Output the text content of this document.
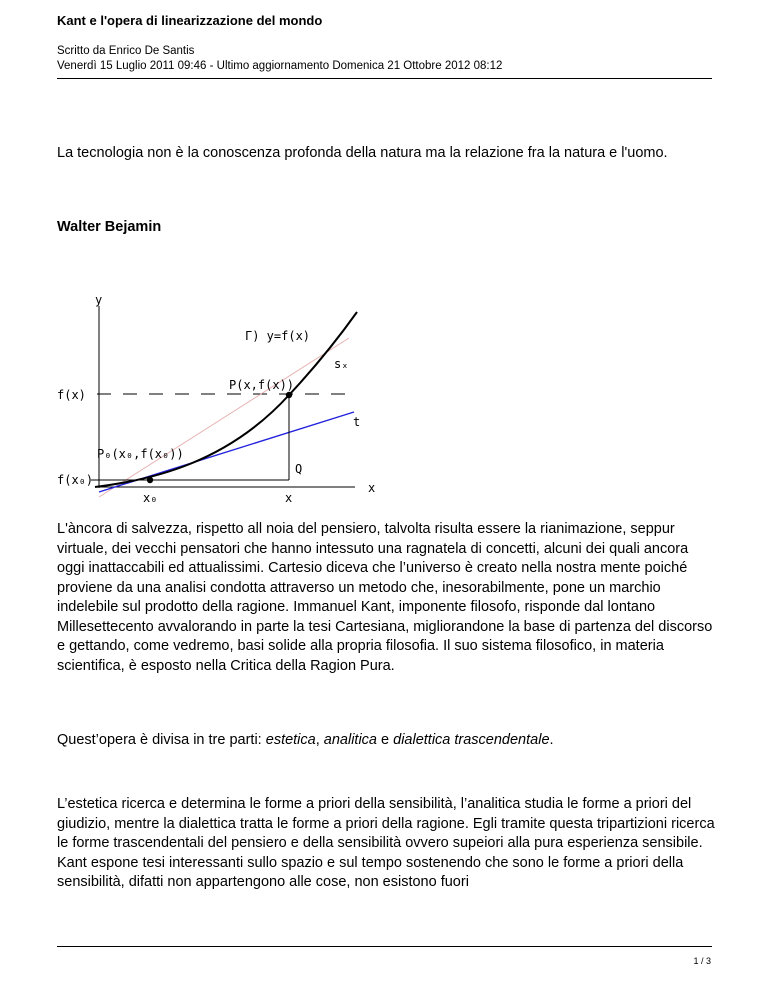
Kant e l'opera di linearizzazione del mondo
Scritto da Enrico De Santis
Venerdì 15 Luglio 2011 09:46 - Ultimo aggiornamento Domenica 21 Ottobre 2012 08:12
La tecnologia non è la conoscenza profonda della natura ma la relazione fra la natura e l'uomo.
Walter Bejamin
y
x
Γ) y=f(x)
sₓ
t
P(x,f(x))
P₀(x₀,f(x₀))
Q
f(x)
f(x₀)
x₀	x
L'àncora di salvezza, rispetto all noia del pensiero, talvolta risulta essere la rianimazione, seppur virtuale, dei vecchi pensatori che hanno intessuto una ragnatela di concetti, alcuni dei quali ancora oggi inattaccabili ed attualissimi. Cartesio diceva che l’universo è creato nella nostra mente poiché proviene da una analisi condotta attraverso un metodo che, inesorabilmente, pone un marchio indelebile sul prodotto della ragione. Immanuel Kant, imponente filosofo, risponde dal lontano Millesettecento avvalorando in parte la tesi Cartesiana, migliorandone la base di partenza del discorso e gettando, come vedremo, basi solide alla propria filosofia. Il suo sistema filosofico, in materia scientifica, è esposto nella Critica della Ragion Pura.
Quest’opera è divisa in tre parti: estetica, analitica e dialettica trascendentale.
L’estetica ricerca e determina le forme a priori della sensibilità, l’analitica studia le forme a priori del giudizio, mentre la dialettica tratta le forme a priori della ragione. Egli tramite questa tripartizioni ricerca le forme trascendentali del pensiero e della sensibilità ovvero supeiori alla pura esperienza sensibile. Kant espone tesi interessanti sullo spazio e sul tempo sostenendo che sono le forme a priori della sensibilità, difatti non appartengono alle cose, non esistono fuori
1 / 3
